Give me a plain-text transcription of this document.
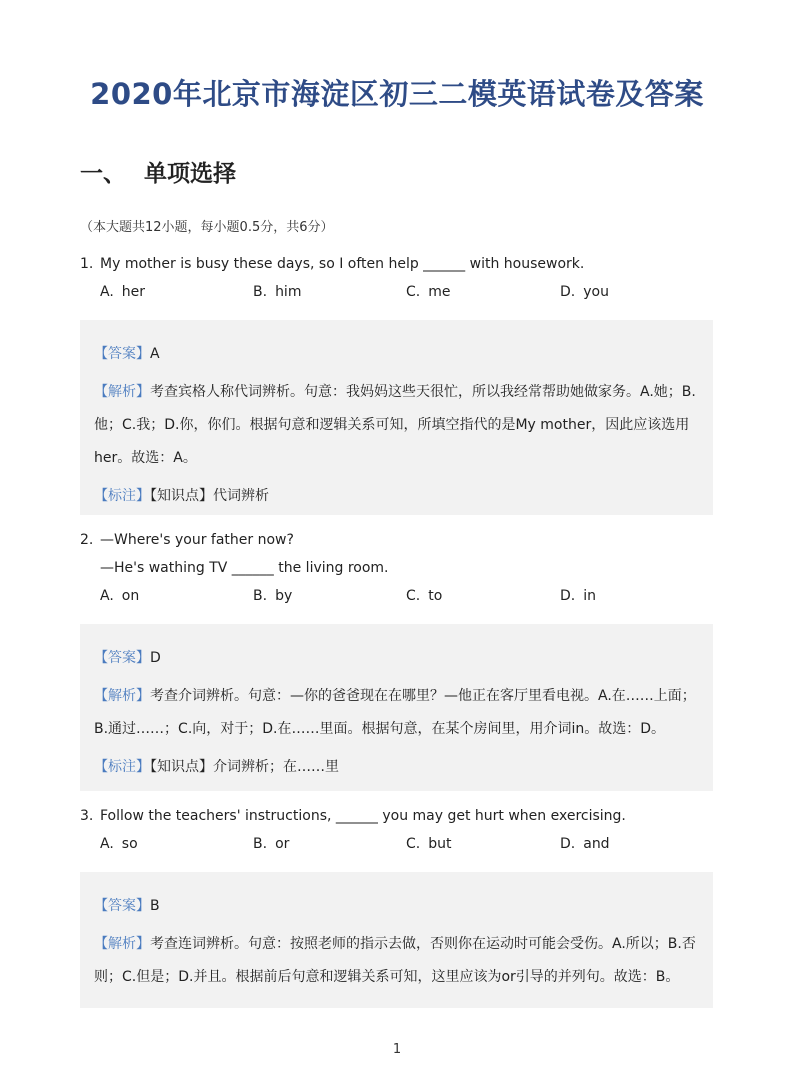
2020年北京市海淀区初三二模英语试卷及答案
一、 单项选择
（本大题共12小题，每小题0.5分，共6分）
1. My mother is busy these days, so I often help ______ with housework.
A. her	B. him	C. me	D. you
【答案】A
【解析】考查宾格人称代词辨析。句意：我妈妈这些天很忙，所以我经常帮助她做家务。A.她；B.他；C.我；D.你，你们。根据句意和逻辑关系可知，所填空指代的是My mother，因此应该选用her。故选：A。
【标注】【知识点】代词辨析
2. —Where's your father now?
—He's wathing TV ______ the living room.
A. on	B. by	C. to	D. in
【答案】D
【解析】考查介词辨析。句意：—你的爸爸现在在哪里？—他正在客厅里看电视。A.在……上面；B.通过……；C.向，对于；D.在……里面。根据句意，在某个房间里，用介词in。故选：D。
【标注】【知识点】介词辨析；在……里
3. Follow the teachers' instructions, ______ you may get hurt when exercising.
A. so	B. or	C. but	D. and
【答案】B
【解析】考查连词辨析。句意：按照老师的指示去做，否则你在运动时可能会受伤。A.所以；B.否则；C.但是；D.并且。根据前后句意和逻辑关系可知，这里应该为or引导的并列句。故选：B。
1
